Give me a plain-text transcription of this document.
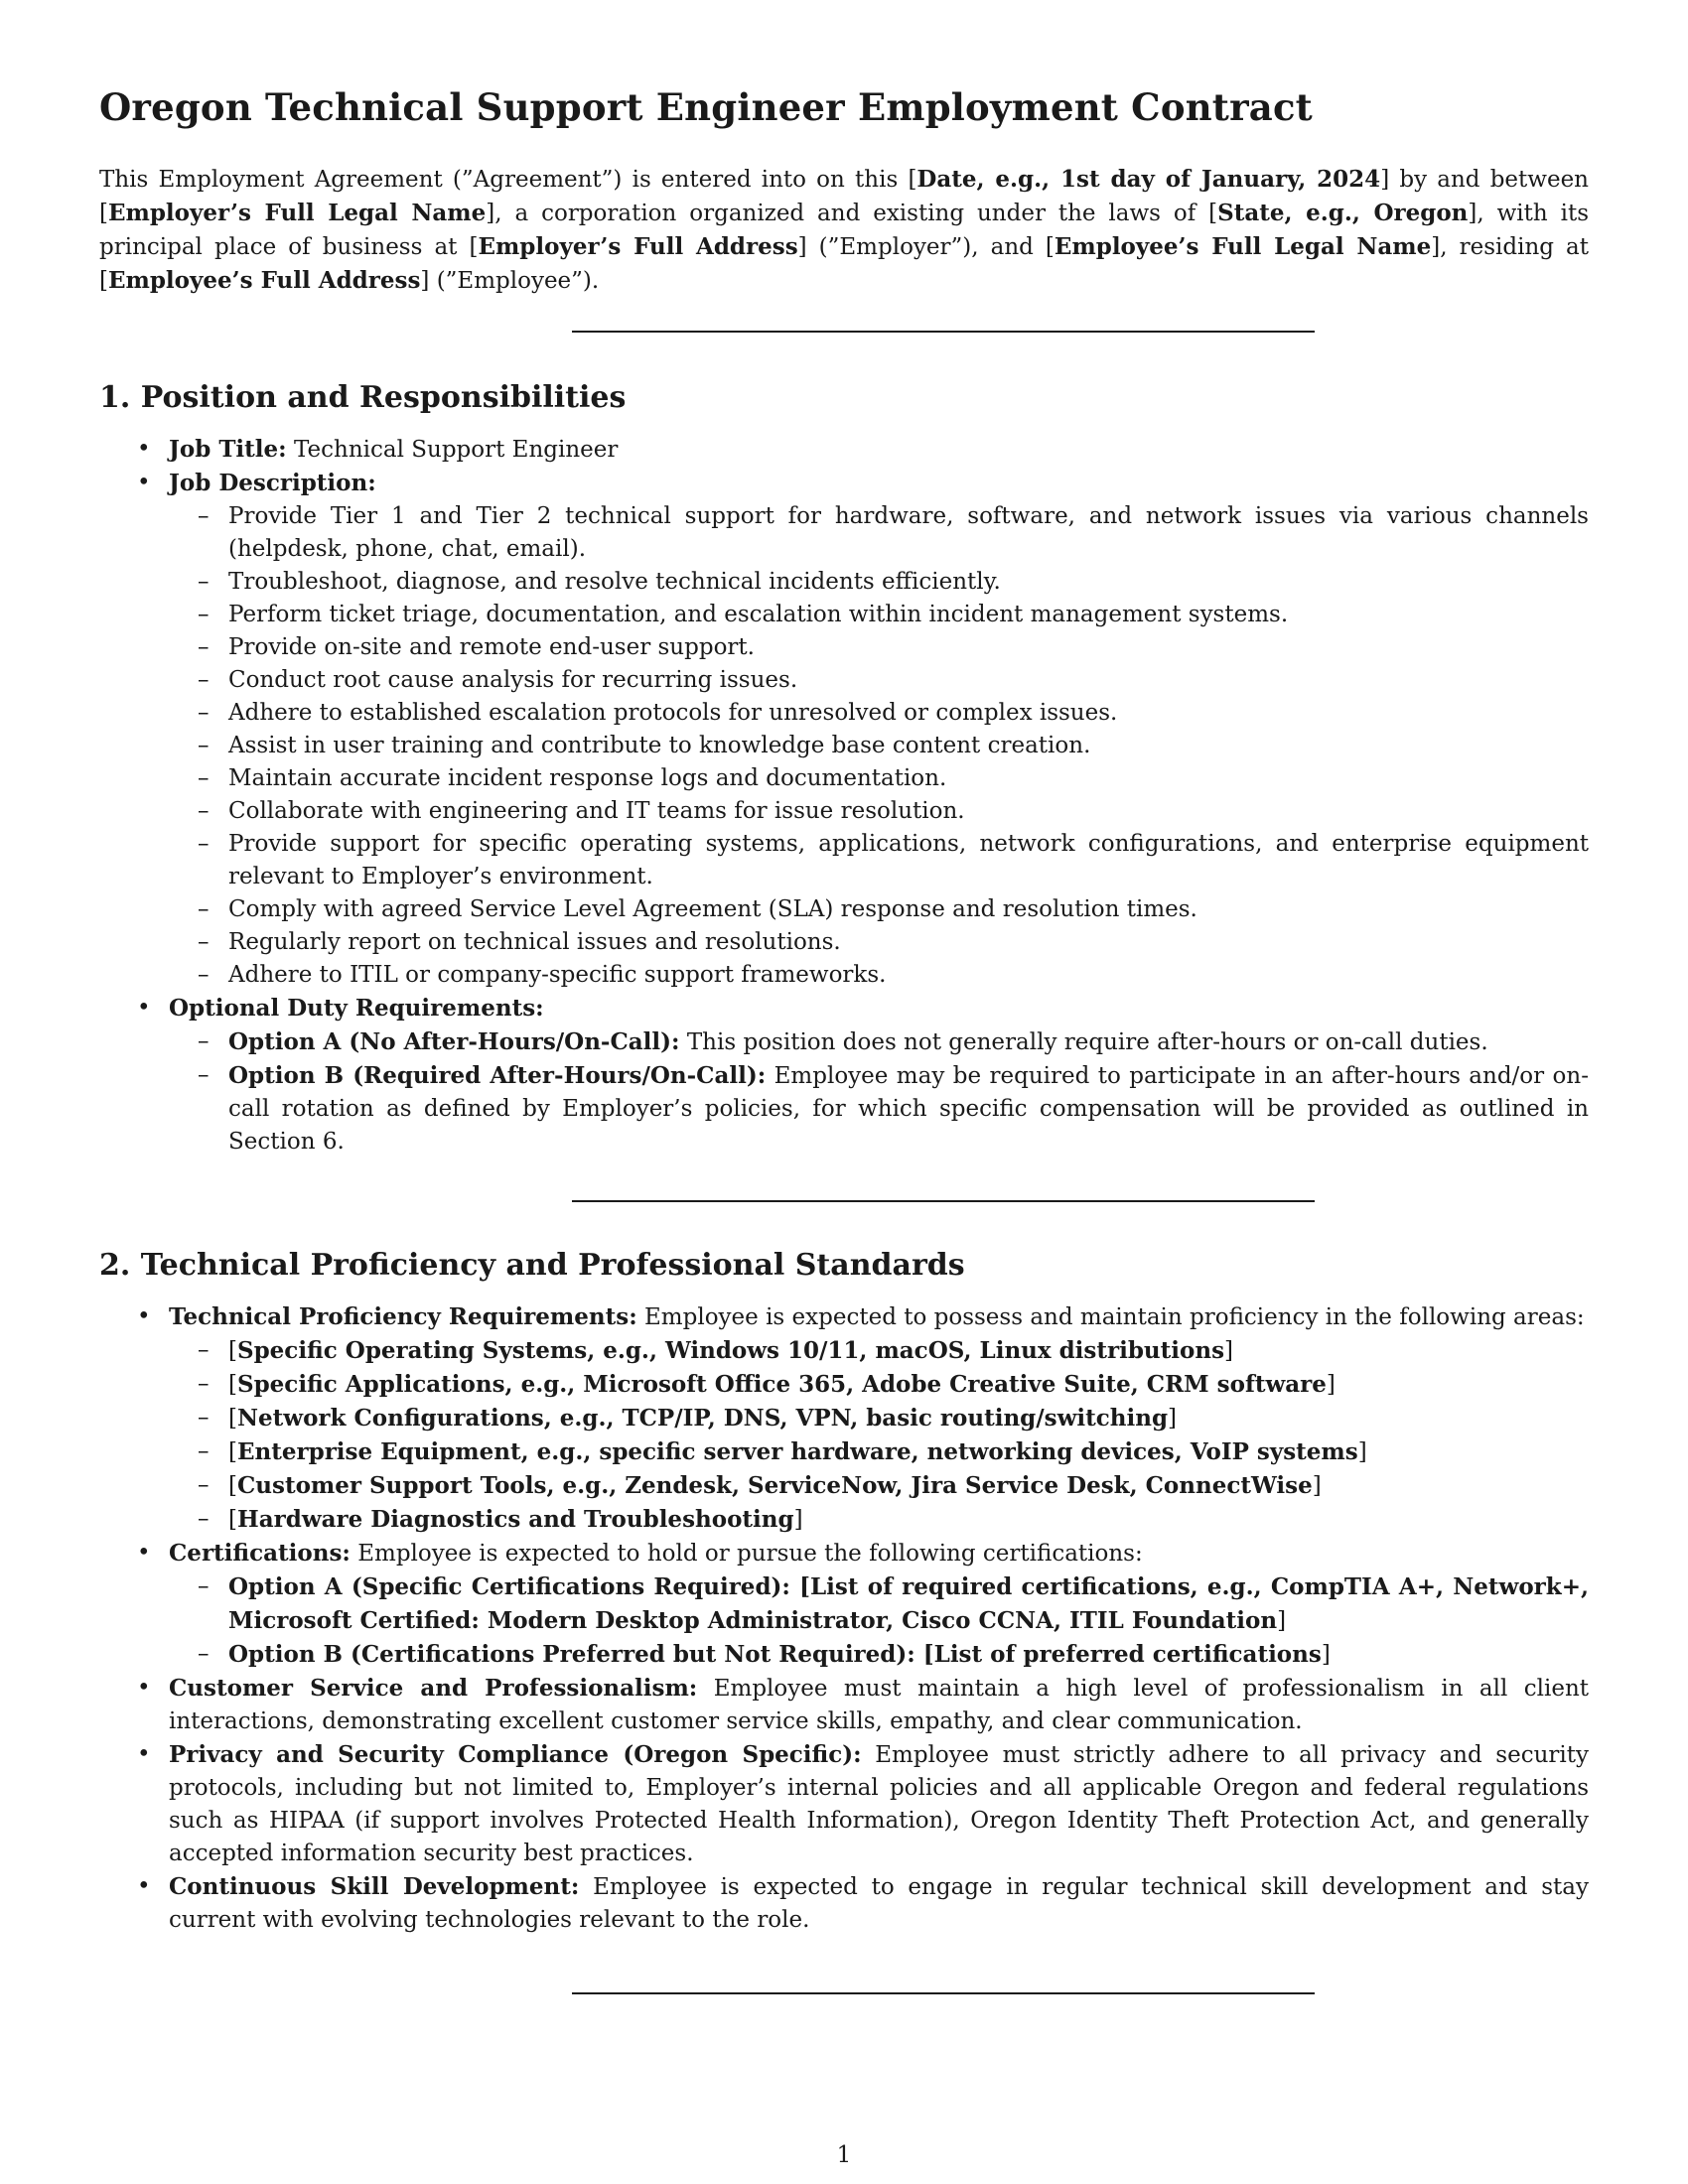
Oregon Technical Support Engineer Employment Contract

This Employment Agreement (”Agreement”) is entered into on this [Date, e.g., 1st day of January, 2024] by and between [Employer’s Full Legal Name], a corporation organized and existing under the laws of [State, e.g., Oregon], with its principal place of business at [Employer’s Full Address] (”Employer”), and [Employee’s Full Legal Name], residing at [Employee’s Full Address] (”Employee”).

1. Position and Responsibilities
• Job Title: Technical Support Engineer
• Job Description:
– Provide Tier 1 and Tier 2 technical support for hardware, software, and network issues via various channels (helpdesk, phone, chat, email).
– Troubleshoot, diagnose, and resolve technical incidents efficiently.
– Perform ticket triage, documentation, and escalation within incident management systems.
– Provide on-site and remote end-user support.
– Conduct root cause analysis for recurring issues.
– Adhere to established escalation protocols for unresolved or complex issues.
– Assist in user training and contribute to knowledge base content creation.
– Maintain accurate incident response logs and documentation.
– Collaborate with engineering and IT teams for issue resolution.
– Provide support for specific operating systems, applications, network configurations, and enterprise equipment relevant to Employer’s environment.
– Comply with agreed Service Level Agreement (SLA) response and resolution times.
– Regularly report on technical issues and resolutions.
– Adhere to ITIL or company-specific support frameworks.
• Optional Duty Requirements:
– Option A (No After-Hours/On-Call): This position does not generally require after-hours or on-call duties.
– Option B (Required After-Hours/On-Call): Employee may be required to participate in an after-hours and/or on-call rotation as defined by Employer’s policies, for which specific compensation will be provided as outlined in Section 6.
2. Technical Proficiency and Professional Standards
• Technical Proficiency Requirements: Employee is expected to possess and maintain proficiency in the following areas:
– [Specific Operating Systems, e.g., Windows 10/11, macOS, Linux distributions]
– [Specific Applications, e.g., Microsoft Office 365, Adobe Creative Suite, CRM software]
– [Network Configurations, e.g., TCP/IP, DNS, VPN, basic routing/switching]
– [Enterprise Equipment, e.g., specific server hardware, networking devices, VoIP systems]
– [Customer Support Tools, e.g., Zendesk, ServiceNow, Jira Service Desk, ConnectWise]
– [Hardware Diagnostics and Troubleshooting]
• Certifications: Employee is expected to hold or pursue the following certifications:
– Option A (Specific Certifications Required): [List of required certifications, e.g., CompTIA A+, Network+, Microsoft Certified: Modern Desktop Administrator, Cisco CCNA, ITIL Foundation]
– Option B (Certifications Preferred but Not Required): [List of preferred certifications]
• Customer Service and Professionalism: Employee must maintain a high level of professionalism in all client interactions, demonstrating excellent customer service skills, empathy, and clear communication.
• Privacy and Security Compliance (Oregon Specific): Employee must strictly adhere to all privacy and security protocols, including but not limited to, Employer’s internal policies and all applicable Oregon and federal regulations such as HIPAA (if support involves Protected Health Information), Oregon Identity Theft Protection Act, and generally accepted information security best practices.
• Continuous Skill Development: Employee is expected to engage in regular technical skill development and stay current with evolving technologies relevant to the role.
1
